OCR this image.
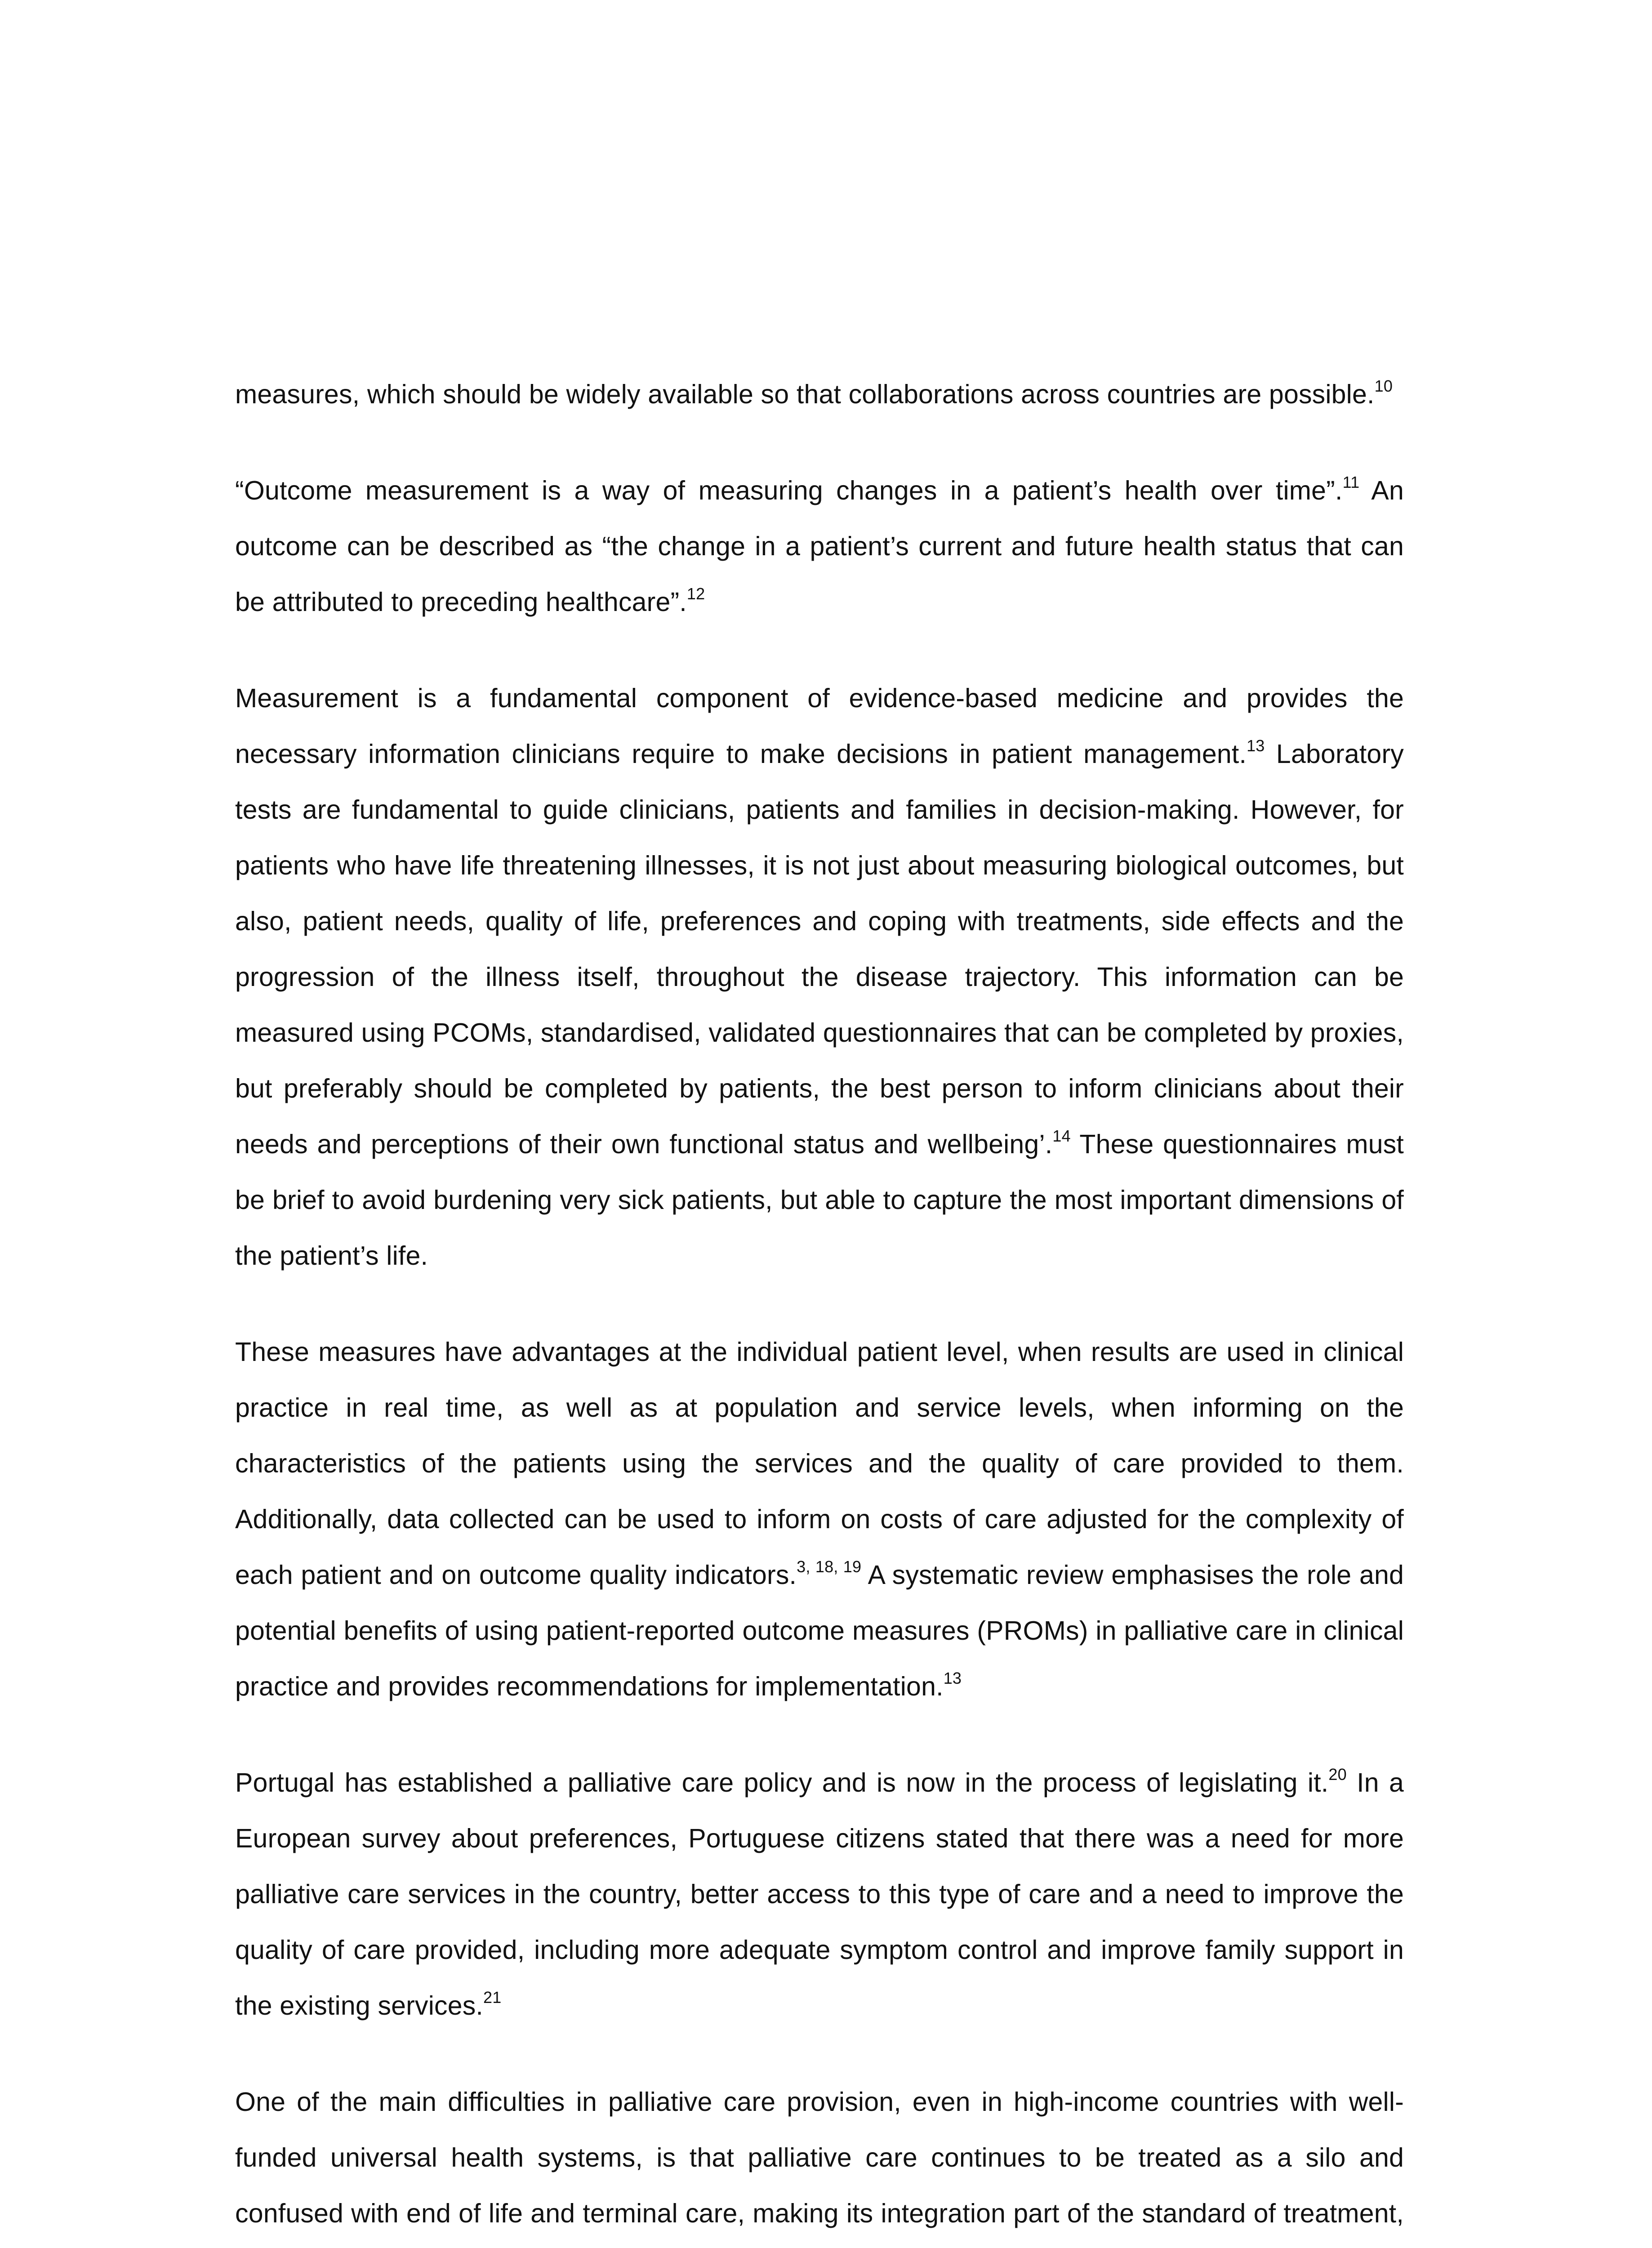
measures, which should be widely available so that collaborations across countries are possible.$^{10}$

“Outcome measurement is a way of measuring changes in a patient’s health over time”.$^{11}$ An outcome can be described as “the change in a patient’s current and future health status that can be attributed to preceding healthcare”.$^{12}$

Measurement is a fundamental component of evidence-based medicine and provides the necessary information clinicians require to make decisions in patient management.$^{13}$ Laboratory tests are fundamental to guide clinicians, patients and families in decision-making. However, for patients who have life threatening illnesses, it is not just about measuring biological outcomes, but also, patient needs, quality of life, preferences and coping with treatments, side effects and the progression of the illness itself, throughout the disease trajectory. This information can be measured using PCOMs, standardised, validated questionnaires that can be completed by proxies, but preferably should be completed by patients, the best person to inform clinicians about their needs and perceptions of their own functional status and wellbeing’.$^{14}$ These questionnaires must be brief to avoid burdening very sick patients, but able to capture the most important dimensions of the patient’s life.

These measures have advantages at the individual patient level, when results are used in clinical practice in real time, as well as at population and service levels, when informing on the characteristics of the patients using the services and the quality of care provided to them. Additionally, data collected can be used to inform on costs of care adjusted for the complexity of each patient and on outcome quality indicators.$^{3, 18, 19}$ A systematic review emphasises the role and potential benefits of using patient-reported outcome measures (PROMs) in palliative care in clinical practice and provides recommendations for implementation.$^{13}$

Portugal has established a palliative care policy and is now in the process of legislating it.$^{20}$ In a European survey about preferences, Portuguese citizens stated that there was a need for more palliative care services in the country, better access to this type of care and a need to improve the quality of care provided, including more adequate symptom control and improve family support in the existing services.$^{21}$

One of the main difficulties in palliative care provision, even in high-income countries with well-funded universal health systems, is that palliative care continues to be treated as a silo and confused with end of life and terminal care, making its integration part of the standard of treatment,
